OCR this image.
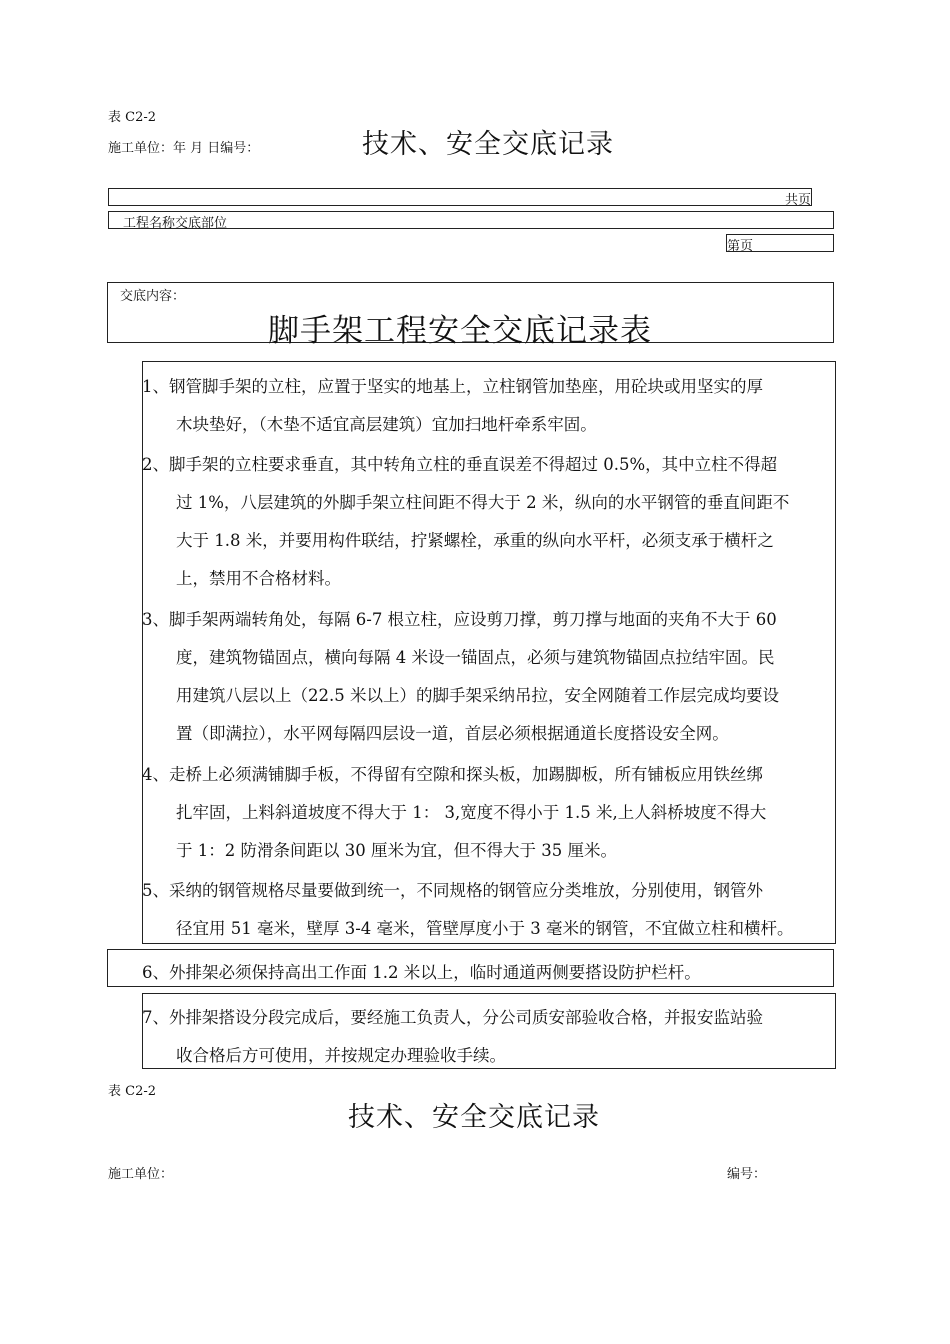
表 C2-2
施工单位：年 月 日编号：	技术、安全交底记录
共页
工程名称交底部位
第页
交底内容：
脚手架工程安全交底记录表
1、钢管脚手架的立柱，应置于坚实的地基上，立柱钢管加垫座，用砼块或用坚实的厚
木块垫好，（木垫不适宜高层建筑）宜加扫地杆牵系牢固。
2、脚手架的立柱要求垂直，其中转角立柱的垂直误差不得超过 0.5%，其中立柱不得超
过 1%，八层建筑的外脚手架立柱间距不得大于 2 米，纵向的水平钢管的垂直间距不
大于 1.8 米，并要用构件联结，拧紧螺栓，承重的纵向水平杆，必须支承于横杆之
上，禁用不合格材料。
3、脚手架两端转角处，每隔 6-7 根立柱，应设剪刀撑，剪刀撑与地面的夹角不大于 60
度，建筑物锚固点，横向每隔 4 米设一锚固点，必须与建筑物锚固点拉结牢固。民
用建筑八层以上（22.5 米以上）的脚手架采纳吊拉，安全网随着工作层完成均要设
置（即满拉），水平网每隔四层设一道，首层必须根据通道长度搭设安全网。
4、走桥上必须满铺脚手板，不得留有空隙和探头板，加踢脚板，所有铺板应用铁丝绑
扎牢固，上料斜道坡度不得大于 1： 3,宽度不得小于 1.5 米,上人斜桥坡度不得大
于 1：2 防滑条间距以 30 厘米为宜，但不得大于 35 厘米。
5、采纳的钢管规格尽量要做到统一，不同规格的钢管应分类堆放，分别使用，钢管外
径宜用 51 毫米，壁厚 3-4 毫米，管壁厚度小于 3 毫米的钢管，不宜做立柱和横杆。
6、外排架必须保持高出工作面 1.2 米以上，临时通道两侧要搭设防护栏杆。
7、外排架搭设分段完成后，要经施工负责人，分公司质安部验收合格，并报安监站验
收合格后方可使用，并按规定办理验收手续。
表 C2-2
技术、安全交底记录
施工单位：	编号：
